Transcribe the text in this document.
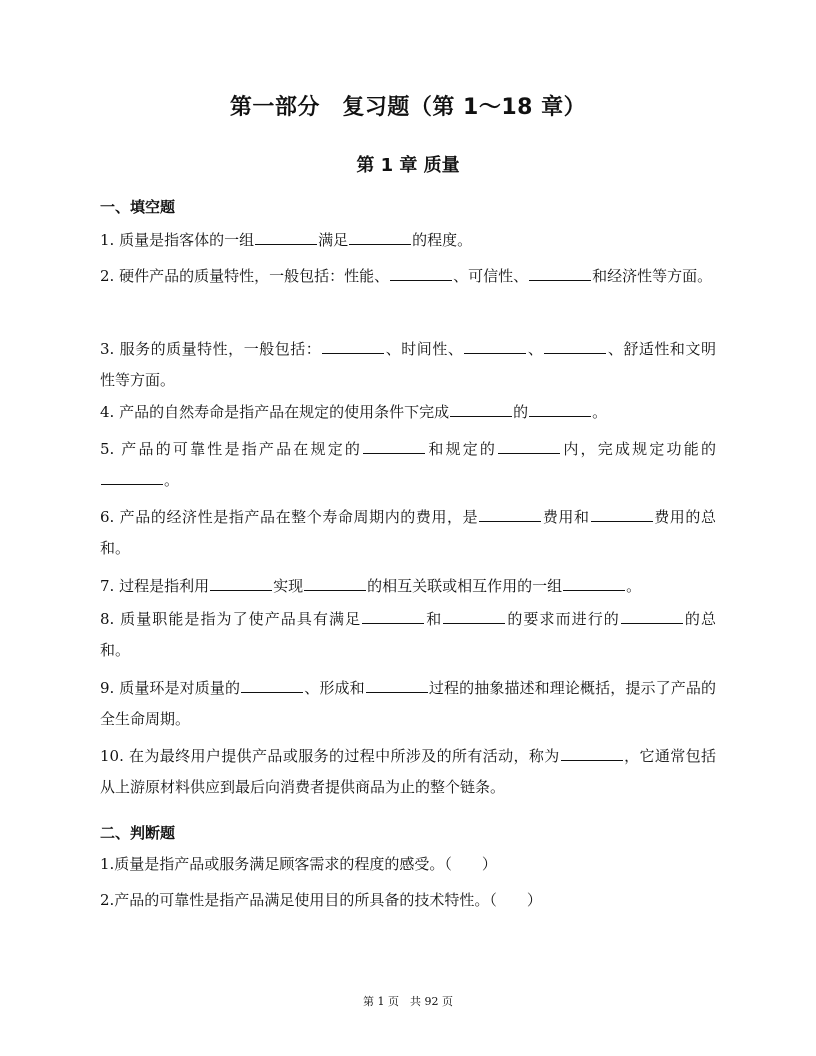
第一部分　复习题（第 1～18 章）
第 1 章 质量
一、填空题
1. 质量是指客体的一组	满足	的程度。
2. 硬件产品的质量特性，一般包括：性能、	、可信性、	和经济性等方面。
3. 服务的质量特性，一般包括：	、时间性、	、	、舒适性和文明性等方面。
4. 产品的自然寿命是指产品在规定的使用条件下完成	的	。
5. 产品的可靠性是指产品在规定的	和规定的	内，完成规定功能的。
6. 产品的经济性是指产品在整个寿命周期内的费用，是	费用和	费用的总和。
7. 过程是指利用	实现	的相互关联或相互作用的一组	。
8. 质量职能是指为了使产品具有满足	和	的要求而进行的	的总和。
9. 质量环是对质量的	、形成和	过程的抽象描述和理论概括，提示了产品的全生命周期。
10. 在为最终用户提供产品或服务的过程中所涉及的所有活动，称为	，它通常包括从上游原材料供应到最后向消费者提供商品为止的整个链条。
二、判断题
1.质量是指产品或服务满足顾客需求的程度的感受。（　　）
2.产品的可靠性是指产品满足使用目的所具备的技术特性。（　　）
第 1 页　共 92 页
